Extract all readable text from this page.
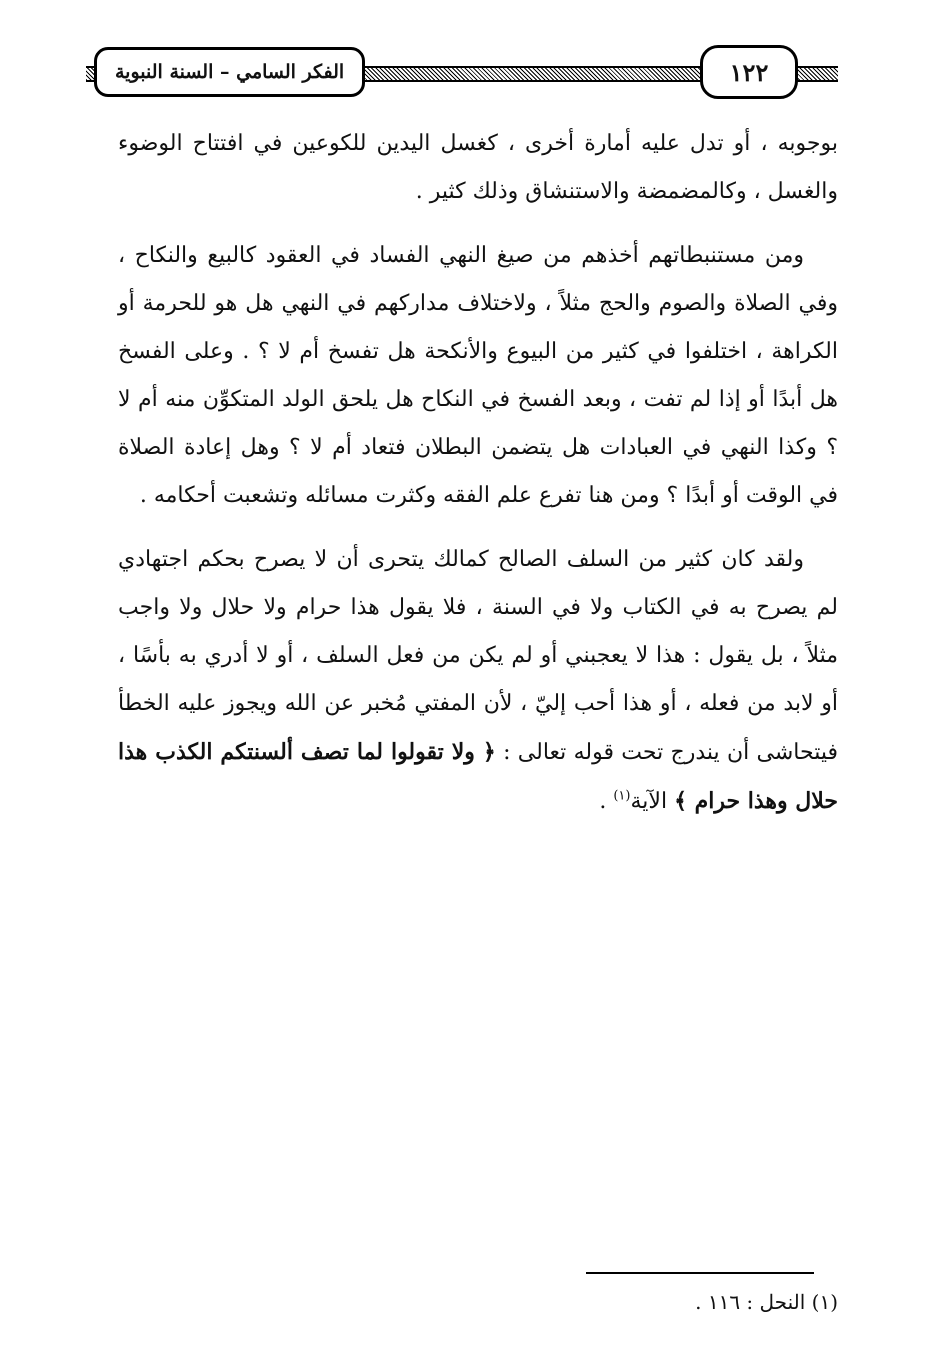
الفكر السامي – السنة النبوية	١٢٢

بوجوبه ، أو تدل عليه أمارة أخرى ، كغسل اليدين للكوعين في افتتاح الوضوء والغسل ، وكالمضمضة والاستنشاق وذلك كثير .

ومن مستنبطاتهم أخذهم من صيغ النهي الفساد في العقود كالبيع والنكاح ، وفي الصلاة والصوم والحج مثلاً ، ولاختلاف مداركهم في النهي هل هو للحرمة أو الكراهة ، اختلفوا في كثير من البيوع والأنكحة هل تفسخ أم لا ؟ . وعلى الفسخ هل أبدًا أو إذا لم تفت ، وبعد الفسخ في النكاح هل يلحق الولد المتكوِّن منه أم لا ؟ وكذا النهي في العبادات هل يتضمن البطلان فتعاد أم لا ؟ وهل إعادة الصلاة في الوقت أو أبدًا ؟ ومن هنا تفرع علم الفقه وكثرت مسائله وتشعبت أحكامه .

ولقد كان كثير من السلف الصالح كمالك يتحرى أن لا يصرح بحكم اجتهادي لم يصرح به في الكتاب ولا في السنة ، فلا يقول هذا حرام ولا حلال ولا واجب مثلاً ، بل يقول : هذا لا يعجبني أو لم يكن من فعل السلف ، أو لا أدري به بأسًا ، أو لابد من فعله ، أو هذا أحب إليّ ، لأن المفتي مُخبر عن الله ويجوز عليه الخطأ فيتحاشى أن يندرج تحت قوله تعالى : ﴿ ولا تقولوا لما تصف ألسنتكم الكذب هذا حلال وهذا حرام ﴾ الآية$^{(١)}$ .

(١) النحل : ١١٦ .
